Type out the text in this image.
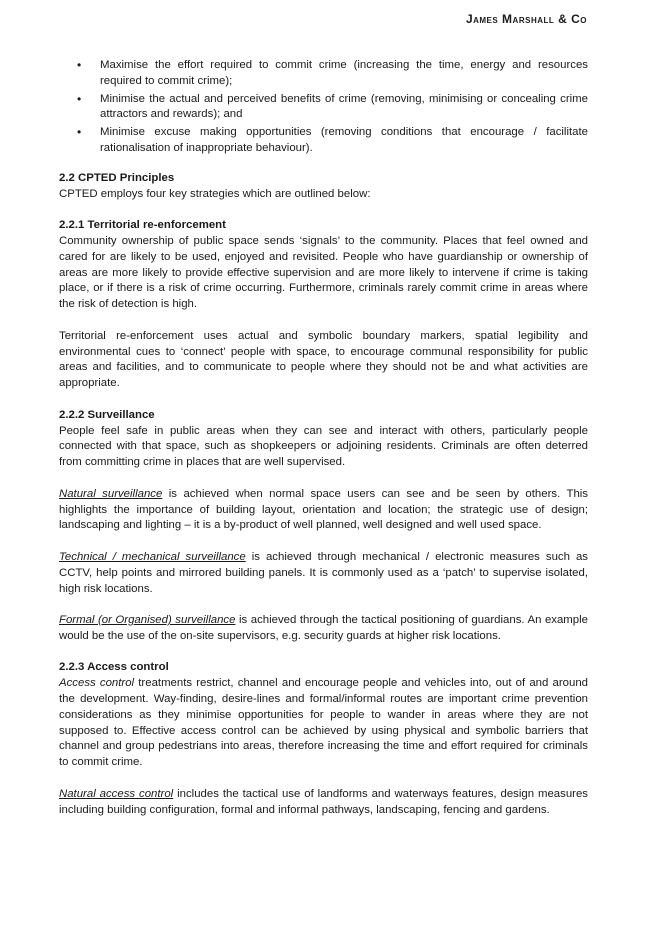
James Marshall & Co
• Maximise the effort required to commit crime (increasing the time, energy and resources required to commit crime);
• Minimise the actual and perceived benefits of crime (removing, minimising or concealing crime attractors and rewards); and
• Minimise excuse making opportunities (removing conditions that encourage / facilitate rationalisation of inappropriate behaviour).
2.2 CPTED Principles

CPTED employs four key strategies which are outlined below:

2.2.1 Territorial re-enforcement

Community ownership of public space sends ‘signals’ to the community. Places that feel owned and cared for are likely to be used, enjoyed and revisited. People who have guardianship or ownership of areas are more likely to provide effective supervision and are more likely to intervene if crime is taking place, or if there is a risk of crime occurring. Furthermore, criminals rarely commit crime in areas where the risk of detection is high.

Territorial re-enforcement uses actual and symbolic boundary markers, spatial legibility and environmental cues to ‘connect’ people with space, to encourage communal responsibility for public areas and facilities, and to communicate to people where they should not be and what activities are appropriate.

2.2.2 Surveillance

People feel safe in public areas when they can see and interact with others, particularly people connected with that space, such as shopkeepers or adjoining residents. Criminals are often deterred from committing crime in places that are well supervised.

Natural surveillance is achieved when normal space users can see and be seen by others. This highlights the importance of building layout, orientation and location; the strategic use of design; landscaping and lighting – it is a by-product of well planned, well designed and well used space.

Technical / mechanical surveillance is achieved through mechanical / electronic measures such as CCTV, help points and mirrored building panels. It is commonly used as a ‘patch’ to supervise isolated, high risk locations.

Formal (or Organised) surveillance is achieved through the tactical positioning of guardians. An example would be the use of the on-site supervisors, e.g. security guards at higher risk locations.

2.2.3 Access control

Access control treatments restrict, channel and encourage people and vehicles into, out of and around the development. Way-finding, desire-lines and formal/informal routes are important crime prevention considerations as they minimise opportunities for people to wander in areas where they are not supposed to. Effective access control can be achieved by using physical and symbolic barriers that channel and group pedestrians into areas, therefore increasing the time and effort required for criminals to commit crime.

Natural access control includes the tactical use of landforms and waterways features, design measures including building configuration, formal and informal pathways, landscaping, fencing and gardens.
